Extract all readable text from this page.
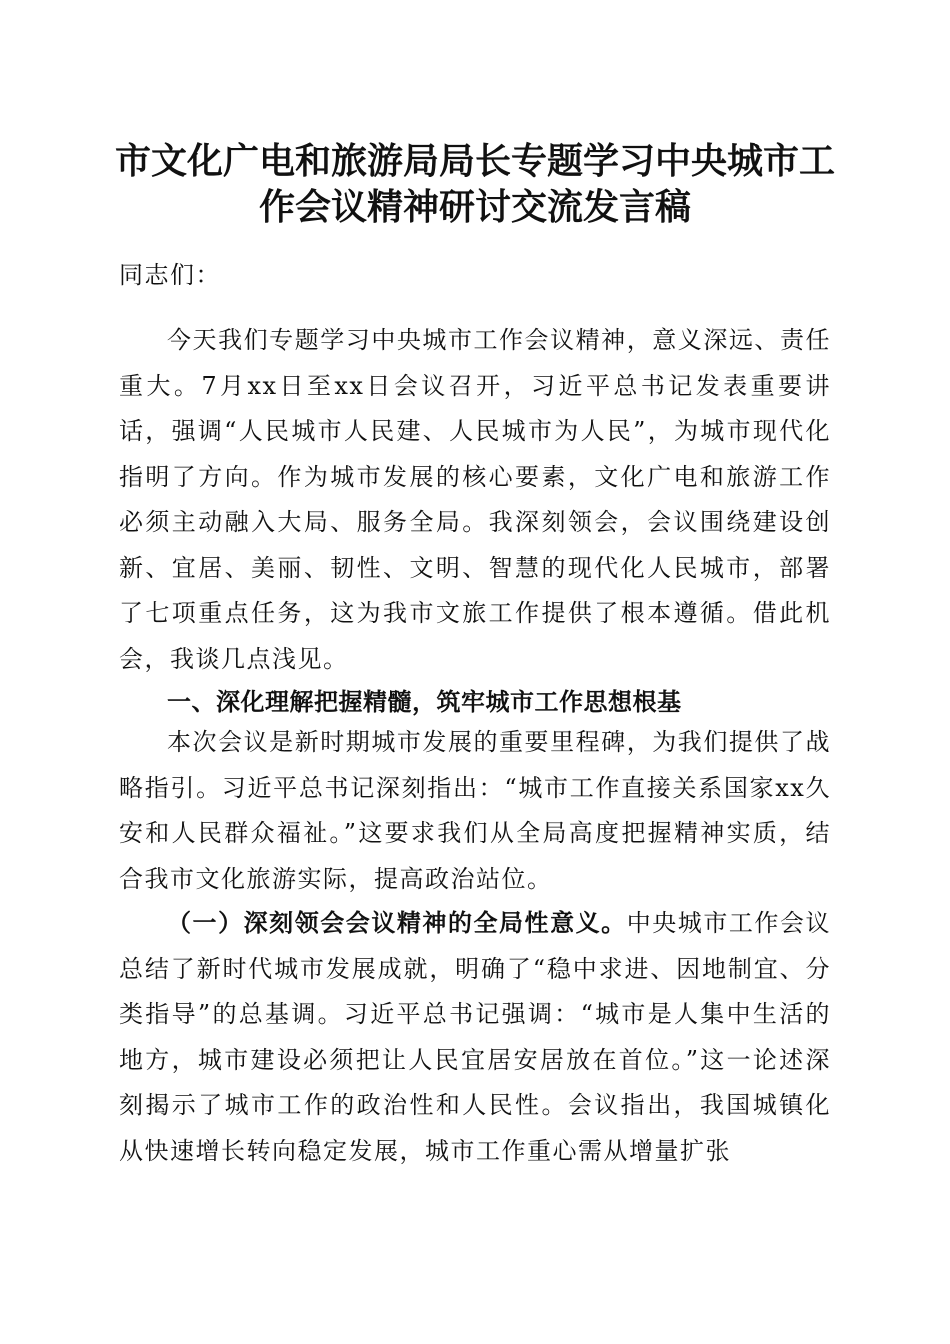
市文化广电和旅游局局长专题学习中央城市工
作会议精神研讨交流发言稿

同志们：

今天我们专题学习中央城市工作会议精神，意义深远、责任重大。7月xx日至xx日会议召开，习近平总书记发表重要讲话，强调“人民城市人民建、人民城市为人民”，为城市现代化指明了方向。作为城市发展的核心要素，文化广电和旅游工作必须主动融入大局、服务全局。我深刻领会，会议围绕建设创新、宜居、美丽、韧性、文明、智慧的现代化人民城市，部署了七项重点任务，这为我市文旅工作提供了根本遵循。借此机会，我谈几点浅见。

一、深化理解把握精髓，筑牢城市工作思想根基

本次会议是新时期城市发展的重要里程碑，为我们提供了战略指引。习近平总书记深刻指出：“城市工作直接关系国家xx久安和人民群众福祉。”这要求我们从全局高度把握精神实质，结合我市文化旅游实际，提高政治站位。

（一）深刻领会会议精神的全局性意义。中央城市工作会议总结了新时代城市发展成就，明确了“稳中求进、因地制宜、分类指导”的总基调。习近平总书记强调：“城市是人集中生活的地方，城市建设必须把让人民宜居安居放在首位。”这一论述深刻揭示了城市工作的政治性和人民性。会议指出，我国城镇化从快速增长转向稳定发展，城市工作重心需从增量扩张
